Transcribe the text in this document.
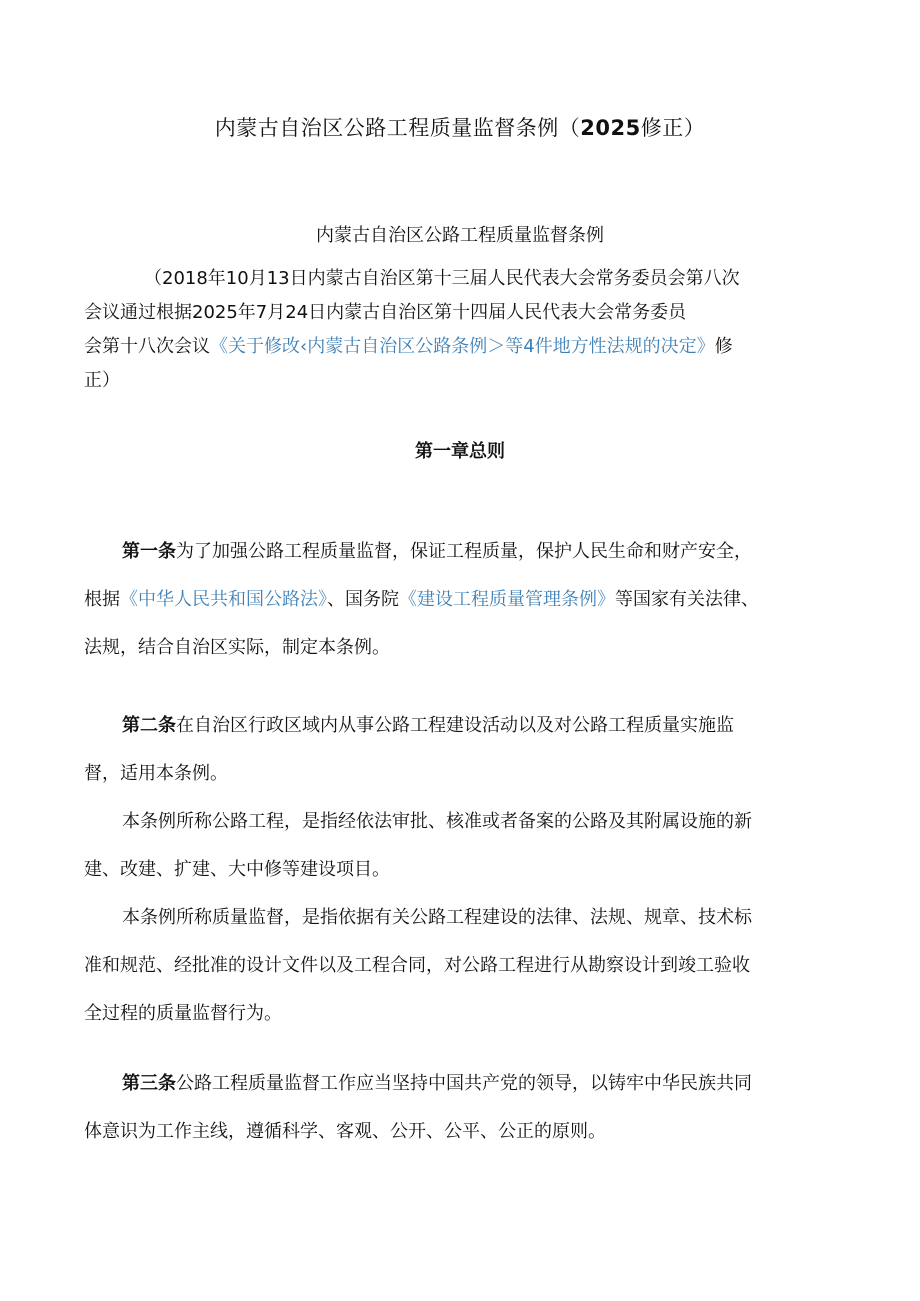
内蒙古自治区公路工程质量监督条例（2025修正）
内蒙古自治区公路工程质量监督条例
（2018年10月13日内蒙古自治区第十三届人民代表大会常务委员会第八次
会议通过根据2025年7月24日内蒙古自治区第十四届人民代表大会常务委员
会第十八次会议《关于修改‹内蒙古自治区公路条例＞等4件地方性法规的决定》修
正）
第一章总则
第一条为了加强公路工程质量监督，保证工程质量，保护人民生命和财产安全，
根据《中华人民共和国公路法》、国务院《建设工程质量管理条例》等国家有关法律、
法规，结合自治区实际，制定本条例。
第二条在自治区行政区域内从事公路工程建设活动以及对公路工程质量实施监
督，适用本条例。
本条例所称公路工程，是指经依法审批、核准或者备案的公路及其附属设施的新
建、改建、扩建、大中修等建设项目。
本条例所称质量监督，是指依据有关公路工程建设的法律、法规、规章、技术标
准和规范、经批准的设计文件以及工程合同，对公路工程进行从勘察设计到竣工验收
全过程的质量监督行为。
第三条公路工程质量监督工作应当坚持中国共产党的领导，以铸牢中华民族共同
体意识为工作主线，遵循科学、客观、公开、公平、公正的原则。
